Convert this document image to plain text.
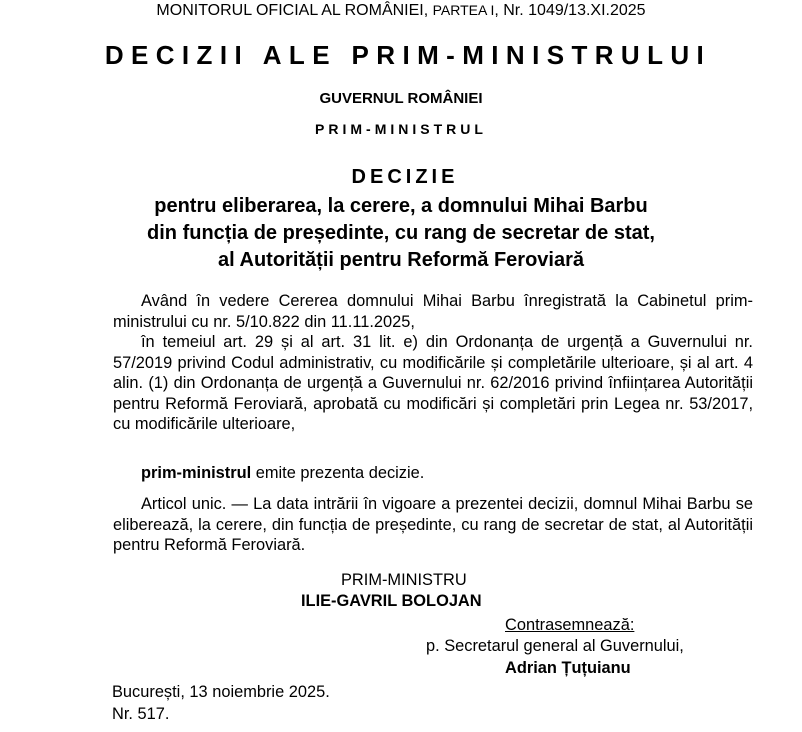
MONITORUL OFICIAL AL ROMÂNIEI, PARTEA I, Nr. 1049/13.XI.2025
DECIZII ALE PRIM-MINISTRULUI
GUVERNUL ROMÂNIEI
PRIM-MINISTRUL
DECIZIE
pentru eliberarea, la cerere, a domnului Mihai Barbu
din funcția de președinte, cu rang de secretar de stat,
al Autorității pentru Reformă Feroviară
Având în vedere Cererea domnului Mihai Barbu înregistrată la Cabinetul prim-ministrului cu nr. 5/10.822 din 11.11.2025,
în temeiul art. 29 și al art. 31 lit. e) din Ordonanța de urgență a Guvernului nr. 57/2019 privind Codul administrativ, cu modificările și completările ulterioare, și al art. 4 alin. (1) din Ordonanța de urgență a Guvernului nr. 62/2016 privind înființarea Autorității pentru Reformă Feroviară, aprobată cu modificări și completări prin Legea nr. 53/2017, cu modificările ulterioare,
prim-ministrul emite prezenta decizie.
Articol unic. — La data intrării în vigoare a prezentei decizii, domnul Mihai Barbu se eliberează, la cerere, din funcția de președinte, cu rang de secretar de stat, al Autorității pentru Reformă Feroviară.
PRIM-MINISTRU
ILIE-GAVRIL BOLOJAN
Contrasemnează:
p. Secretarul general al Guvernului,
Adrian Țuțuianu
București, 13 noiembrie 2025.
Nr. 517.
